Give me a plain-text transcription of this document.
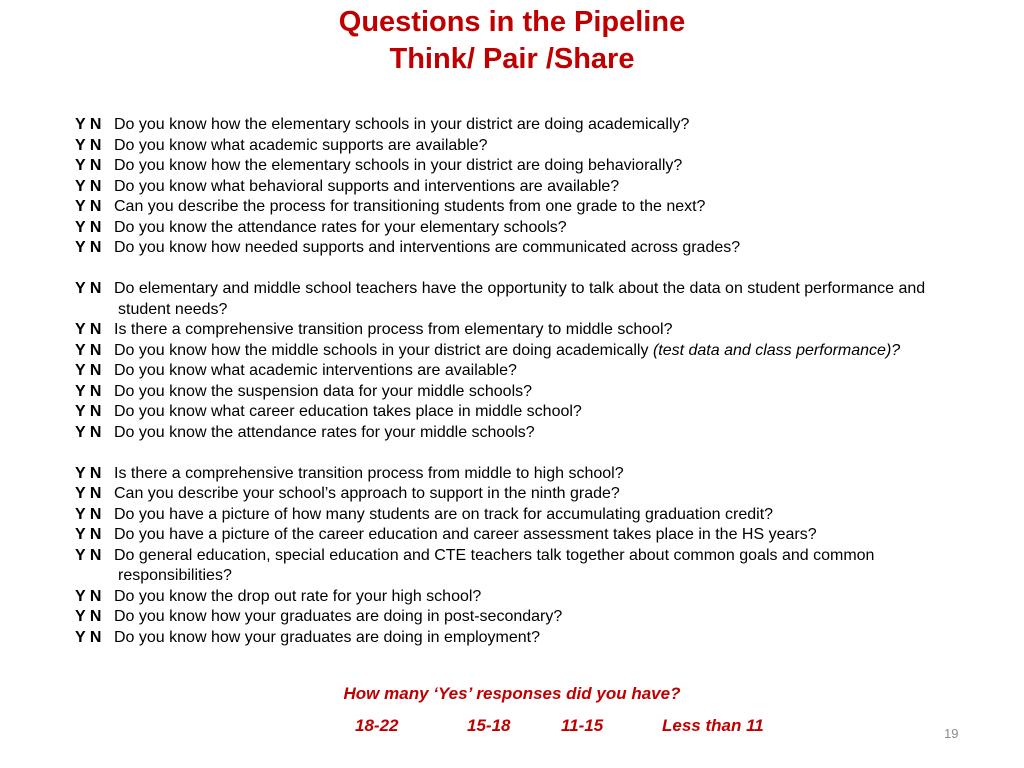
Questions in the Pipeline

Think/ Pair /Share

Y N Do you know how the elementary schools in your district are doing academically?
Y N Do you know what academic supports are available?
Y N Do you know how the elementary schools in your district are doing behaviorally?
Y N Do you know what behavioral supports and interventions are available?
Y N Can you describe the process for transitioning students from one grade to the next?
Y N Do you know the attendance rates for your elementary schools?
Y N Do you know how needed supports and interventions are communicated across grades?
Y N Do elementary and middle school teachers have the opportunity to talk about the data on student performance and student needs?
Y N Is there a comprehensive transition process from elementary to middle school?
Y N Do you know how the middle schools in your district are doing academically (test data and class performance)?
Y N Do you know what academic interventions are available?
Y N Do you know the suspension data for your middle schools?
Y N Do you know what career education takes place in middle school?
Y N Do you know the attendance rates for your middle schools?
Y N Is there a comprehensive transition process from middle to high school?
Y N Can you describe your school’s approach to support in the ninth grade?
Y N Do you have a picture of how many students are on track for accumulating graduation credit?
Y N Do you have a picture of the career education and career assessment takes place in the HS years?
Y N Do general education, special education and CTE teachers talk together about common goals and common responsibilities?
Y N Do you know the drop out rate for your high school?
Y N Do you know how your graduates are doing in post-secondary?
Y N Do you know how your graduates are doing in employment?
How many ‘Yes’ responses did you have?
18-22	15-18	11-15	Less than 11	19
